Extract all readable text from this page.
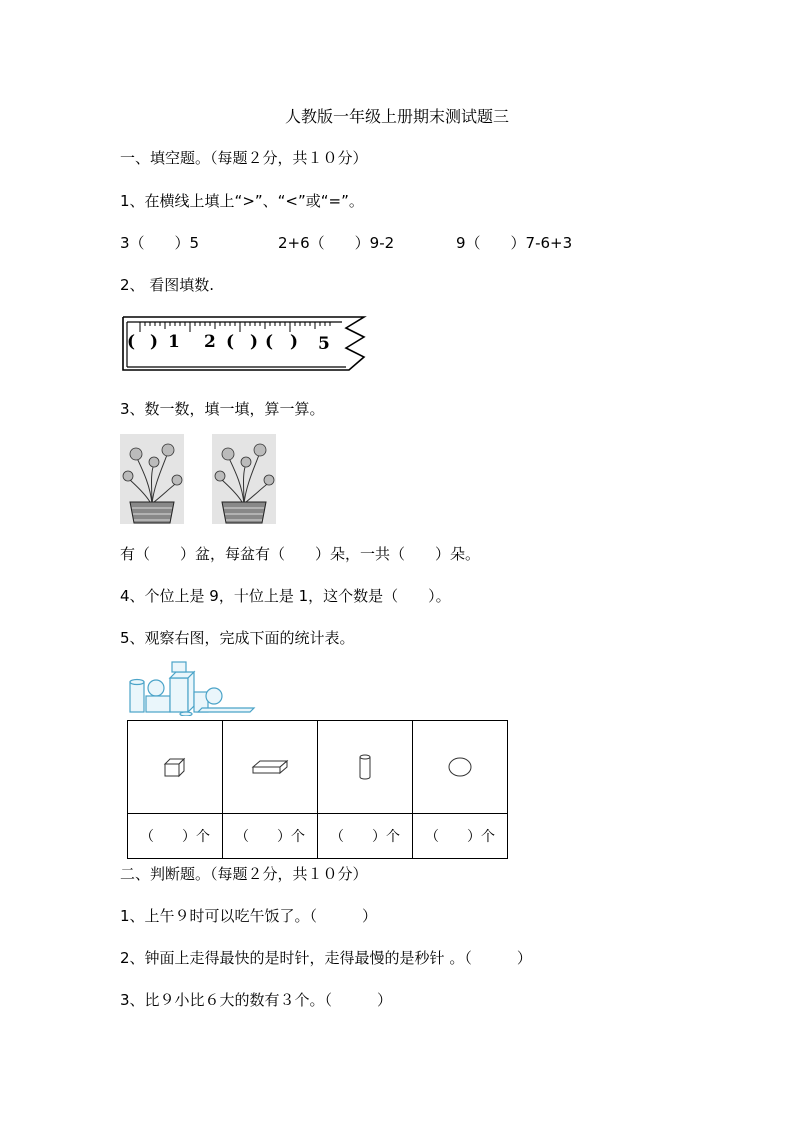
人教版一年级上册期末测试题三
一、填空题。（每题２分，共１０分）
1、在横线上填上“>”、“<”或“=”。
3（　　）5	2+6（　　）9-2	9（　　）7-6+3
2、 看图填数.
( ) 1 2 ( ) ( ) 5
3、数一数，填一填，算一算。
有（　　）盆，每盆有（　　）朵，一共（　　）朵。
4、个位上是 9，十位上是 1，这个数是（　　）。
5、观察右图，完成下面的统计表。

（　　）个	（　　）个	（　　）个	（　　）个
二、判断题。（每题２分，共１０分）
1、上午９时可以吃午饭了。（　　　）
2、钟面上走得最快的是时针，走得最慢的是秒针 。（　　　）
3、比９小比６大的数有３个。（　　　）
